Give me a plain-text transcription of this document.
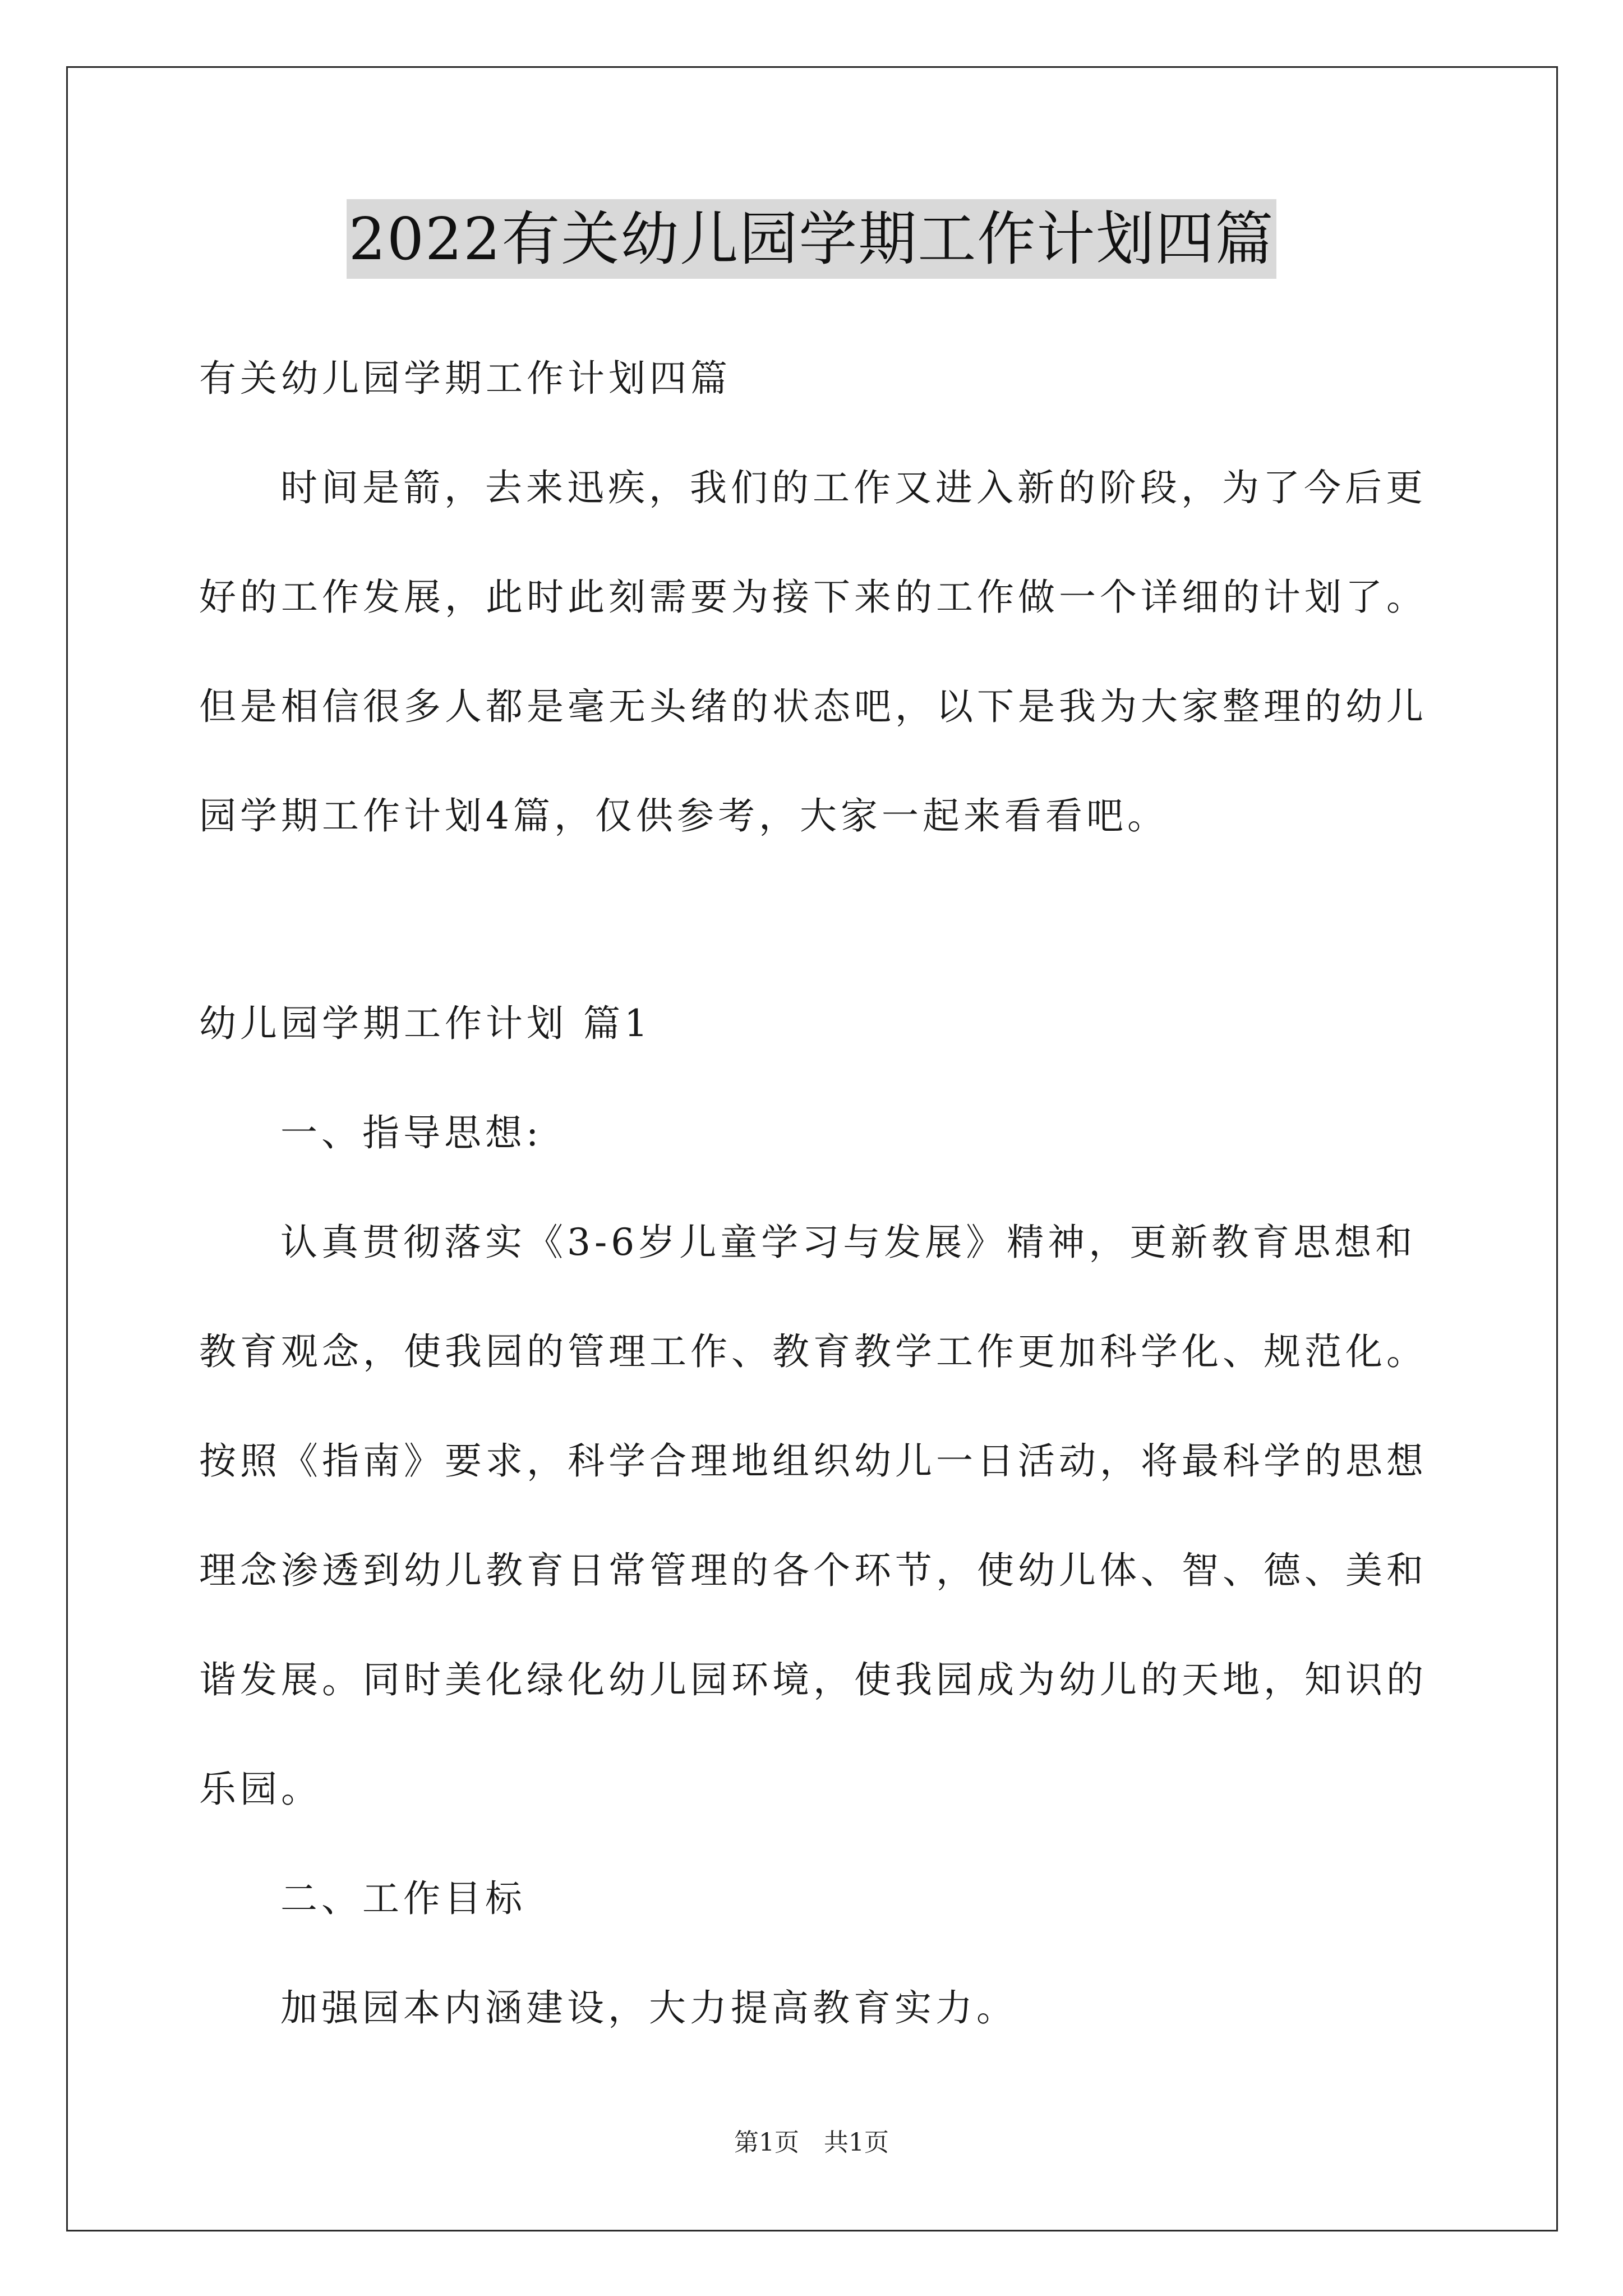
2022有关幼儿园学期工作计划四篇
有关幼儿园学期工作计划四篇
时间是箭，去来迅疾，我们的工作又进入新的阶段，为了今后更
好的工作发展，此时此刻需要为接下来的工作做一个详细的计划了。
但是相信很多人都是毫无头绪的状态吧，以下是我为大家整理的幼儿
园学期工作计划4篇，仅供参考，大家一起来看看吧。
幼儿园学期工作计划 篇1
一、指导思想:
认真贯彻落实《3-6岁儿童学习与发展》精神，更新教育思想和
教育观念，使我园的管理工作、教育教学工作更加科学化、规范化。
按照《指南》要求，科学合理地组织幼儿一日活动，将最科学的思想
理念渗透到幼儿教育日常管理的各个环节，使幼儿体、智、德、美和
谐发展。同时美化绿化幼儿园环境，使我园成为幼儿的天地，知识的
乐园。
二、工作目标
加强园本内涵建设，大力提高教育实力。
第1页　共1页
